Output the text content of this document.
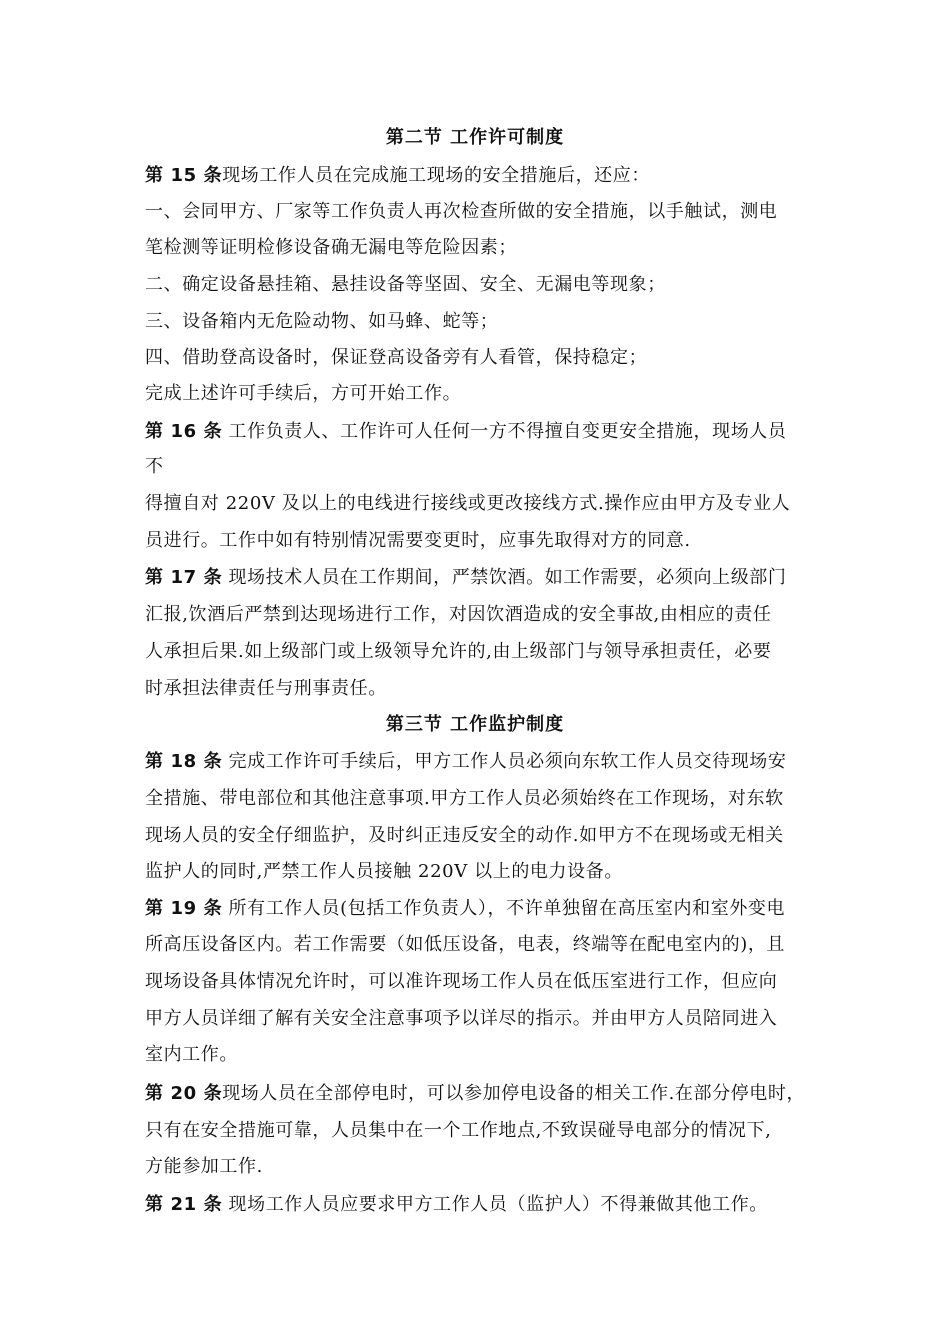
第二节 工作许可制度
第 15 条现场工作人员在完成施工现场的安全措施后，还应：
一、会同甲方、厂家等工作负责人再次检查所做的安全措施，以手触试，测电
笔检测等证明检修设备确无漏电等危险因素；
二、确定设备悬挂箱、悬挂设备等坚固、安全、无漏电等现象；
三、设备箱内无危险动物、如马蜂、蛇等；
四、借助登高设备时，保证登高设备旁有人看管，保持稳定；
完成上述许可手续后，方可开始工作。
第 16 条 工作负责人、工作许可人任何一方不得擅自变更安全措施，现场人员
不
得擅自对 220V 及以上的电线进行接线或更改接线方式.操作应由甲方及专业人
员进行。工作中如有特别情况需要变更时，应事先取得对方的同意.
第 17 条 现场技术人员在工作期间，严禁饮酒。如工作需要，必须向上级部门
汇报,饮酒后严禁到达现场进行工作，对因饮酒造成的安全事故,由相应的责任
人承担后果.如上级部门或上级领导允许的,由上级部门与领导承担责任，必要
时承担法律责任与刑事责任。
第三节 工作监护制度
第 18 条 完成工作许可手续后，甲方工作人员必须向东软工作人员交待现场安
全措施、带电部位和其他注意事项.甲方工作人员必须始终在工作现场，对东软
现场人员的安全仔细监护，及时纠正违反安全的动作.如甲方不在现场或无相关
监护人的同时,严禁工作人员接触 220V 以上的电力设备。
第 19 条 所有工作人员(包括工作负责人），不许单独留在高压室内和室外变电
所高压设备区内。若工作需要（如低压设备，电表，终端等在配电室内的)，且
现场设备具体情况允许时，可以准许现场工作人员在低压室进行工作，但应向
甲方人员详细了解有关安全注意事项予以详尽的指示。并由甲方人员陪同进入
室内工作。
第 20 条现场人员在全部停电时，可以参加停电设备的相关工作.在部分停电时，
只有在安全措施可靠，人员集中在一个工作地点,不致误碰导电部分的情况下,
方能参加工作.
第 21 条 现场工作人员应要求甲方工作人员（监护人）不得兼做其他工作。
